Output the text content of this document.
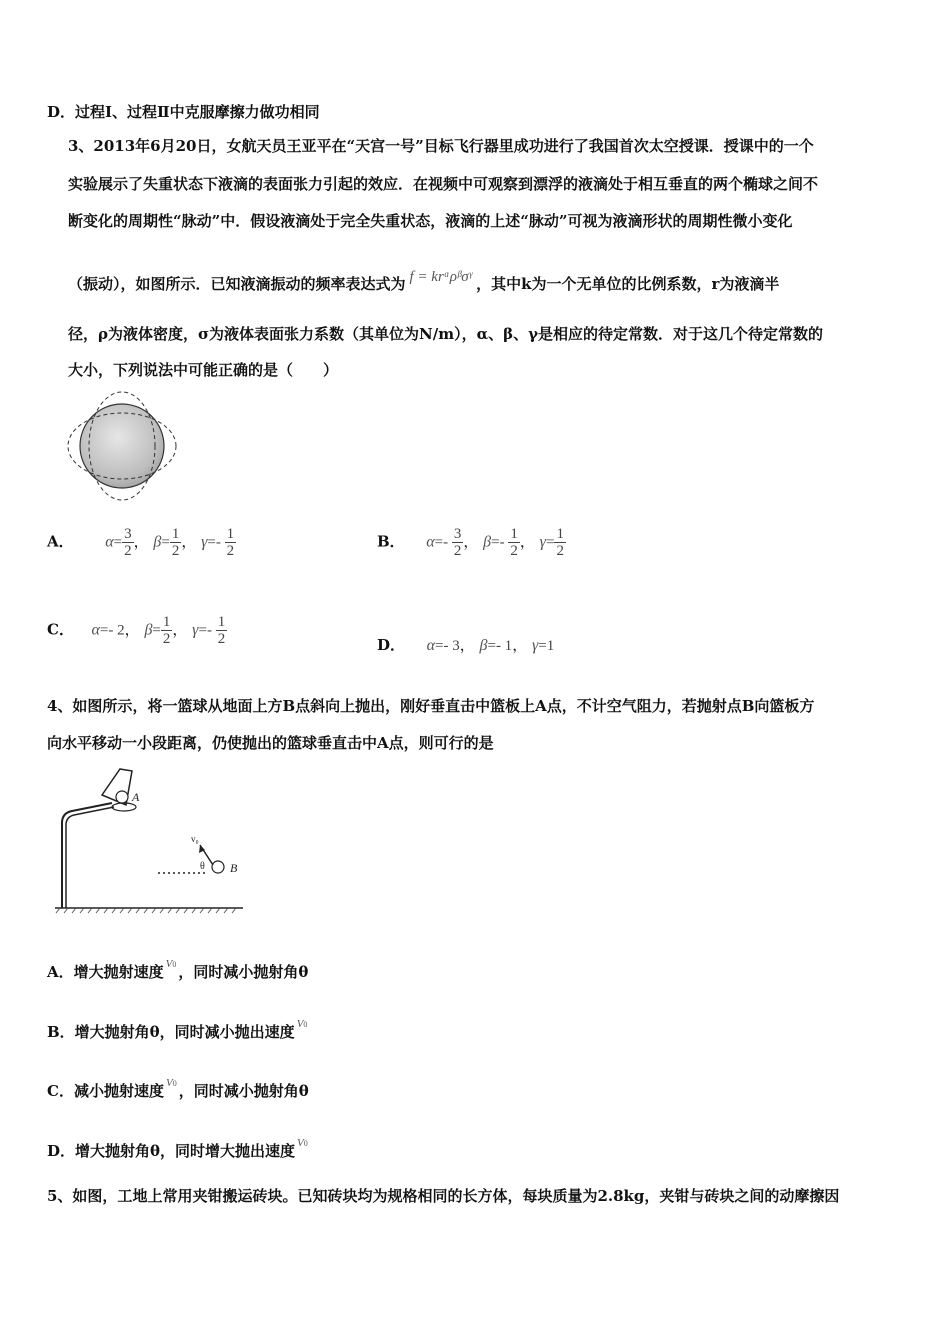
D．过程Ⅰ、过程Ⅱ中克服摩擦力做功相同
3、2013年6月20日，女航天员王亚平在“天宫一号”目标飞行器里成功进行了我国首次太空授课．授课中的一个
实验展示了失重状态下液滴的表面张力引起的效应．在视频中可观察到漂浮的液滴处于相互垂直的两个椭球之间不
断变化的周期性“脉动”中．假设液滴处于完全失重状态，液滴的上述“脉动”可视为液滴形状的周期性微小变化
（振动），如图所示．已知液滴振动的频率表达式为 f = krᵅρᵝσᵞ ，其中k为一个无单位的比例系数，r为液滴半
径，ρ为液体密度，σ为液体表面张力系数（其单位为N/m），α、β、γ是相应的待定常数．对于这几个待定常数的
大小，下列说法中可能正确的是（　　）
A． $\alpha= \frac{3}{2}$ ， $\beta= \frac{1}{2}$ ， $\gamma=- \frac{1}{2}$	B． $\alpha=- \frac{3}{2}$ ， $\beta=- \frac{1}{2}$ ， $\gamma= \frac{1}{2}$
C． α=- 2， $\beta= \frac{1}{2}$ ， $\gamma=- \frac{1}{2}$	D． α=- 3， β=- 1， γ=1
4、如图所示，将一篮球从地面上方B点斜向上抛出，刚好垂直击中篮板上A点，不计空气阻力，若抛射点B向篮板方
向水平移动一小段距离，仍使抛出的篮球垂直击中A点，则可行的是
A
B
v₀
θ
A．增大抛射速度 $^{V0}$ ，同时减小抛射角θ
B．增大抛射角θ，同时减小抛出速度 $^{V0}$
C．减小抛射速度 $^{V0}$ ，同时减小抛射角θ
D．增大抛射角θ，同时增大抛出速度 $^{V0}$
5、如图，工地上常用夹钳搬运砖块。已知砖块均为规格相同的长方体，每块质量为2.8kg，夹钳与砖块之间的动摩擦因
